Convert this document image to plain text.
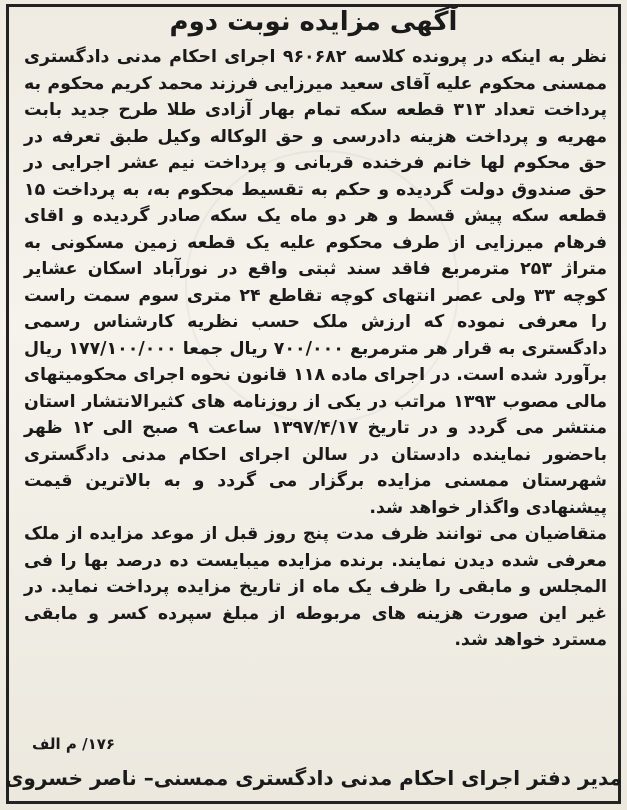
آگهی مزایده نوبت دوم

نظر به اینکه در پرونده کلاسه ۹۶۰۶۸۲ اجرای احکام مدنی دادگستری ممسنی محکوم علیه آقای سعید میرزایی فرزند محمد کریم محکوم به پرداخت تعداد ۳۱۳ قطعه سکه تمام بهار آزادی طلا طرح جدید بابت مهریه و پرداخت هزینه دادرسی و حق الوکاله وکیل طبق تعرفه در حق محکوم لها خانم فرخنده قربانی و پرداخت نیم عشر اجرایی در حق صندوق دولت گردیده و حکم به تقسیط محکوم به، به پرداخت ۱۵ قطعه سکه پیش قسط و هر دو ماه یک سکه صادر گردیده و اقای فرهام میرزایی از طرف محکوم علیه یک قطعه زمین مسکونی به متراژ ۲۵۳ مترمربع فاقد سند ثبتی واقع در نورآباد اسکان عشایر کوچه ۳۳ ولی عصر انتهای کوچه تقاطع ۲۴ متری سوم سمت راست را معرفی نموده که ارزش ملک حسب نظریه کارشناس رسمی دادگستری به قرار هر مترمربع ۷۰۰/۰۰۰ ریال جمعا ۱۷۷/۱۰۰/۰۰۰ ریال برآورد شده است. در اجرای ماده ۱۱۸ قانون نحوه اجرای محکومیتهای مالی مصوب ۱۳۹۳ مراتب در یکی از روزنامه های کثیرالانتشار استان منتشر می گردد و در تاریخ ۱۳۹۷/۴/۱۷ ساعت ۹ صبح الی ۱۲ ظهر باحضور نماینده دادستان در سالن اجرای احکام مدنی دادگستری شهرستان ممسنی مزایده برگزار می گردد و به بالاترین قیمت پیشنهادی واگذار خواهد شد.

متقاضیان می توانند ظرف مدت پنج روز قبل از موعد مزایده از ملک معرفی شده دیدن نمایند. برنده مزایده میبایست ده درصد بها را فی المجلس و مابقی را ظرف یک ماه از تاریخ مزایده پرداخت نماید. در غیر این صورت هزینه های مربوطه از مبلغ سپرده کسر و مابقی مسترد خواهد شد.

۱۷۶/ م الف
مدیر دفتر اجرای احکام مدنی دادگستری ممسنی– ناصر خسروی
